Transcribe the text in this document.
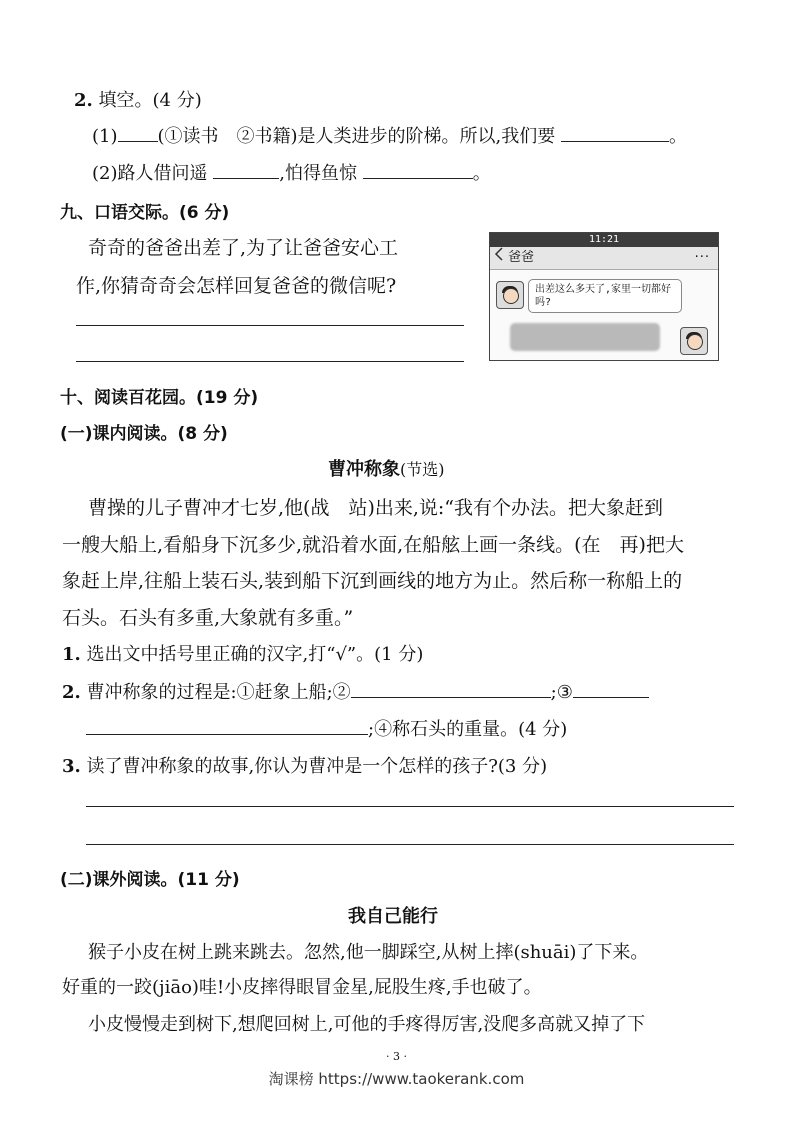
2. 填空。(4 分)
(1) (①读书　②书籍)是人类进步的阶梯。所以,我们要	。
(2)路人借问遥	,怕得鱼惊	。
九、口语交际。(6 分)
奇奇的爸爸出差了,为了让爸爸安心工
作,你猜奇奇会怎样回复爸爸的微信呢?
11:21
爸爸	···
出差这么多天了,家里一切都好吗?
十、阅读百花园。(19 分)
(一)课内阅读。(8 分)
曹冲称象(节选)
曹操的儿子曹冲才七岁,他(战　站)出来,说:“我有个办法。把大象赶到
一艘大船上,看船身下沉多少,就沿着水面,在船舷上画一条线。(在　再)把大
象赶上岸,往船上装石头,装到船下沉到画线的地方为止。然后称一称船上的
石头。石头有多重,大象就有多重。”
1. 选出文中括号里正确的汉字,打“√”。(1 分)
2. 曹冲称象的过程是:①赶象上船;②	;③
;④称石头的重量。(4 分)
3. 读了曹冲称象的故事,你认为曹冲是一个怎样的孩子?(3 分)
(二)课外阅读。(11 分)
我自己能行
猴子小皮在树上跳来跳去。忽然,他一脚踩空,从树上摔(shuāi)了下来。
好重的一跤(jiāo)哇!小皮摔得眼冒金星,屁股生疼,手也破了。
小皮慢慢走到树下,想爬回树上,可他的手疼得厉害,没爬多高就又掉了下
· 3 ·
淘课榜 https://www.taokerank.com
